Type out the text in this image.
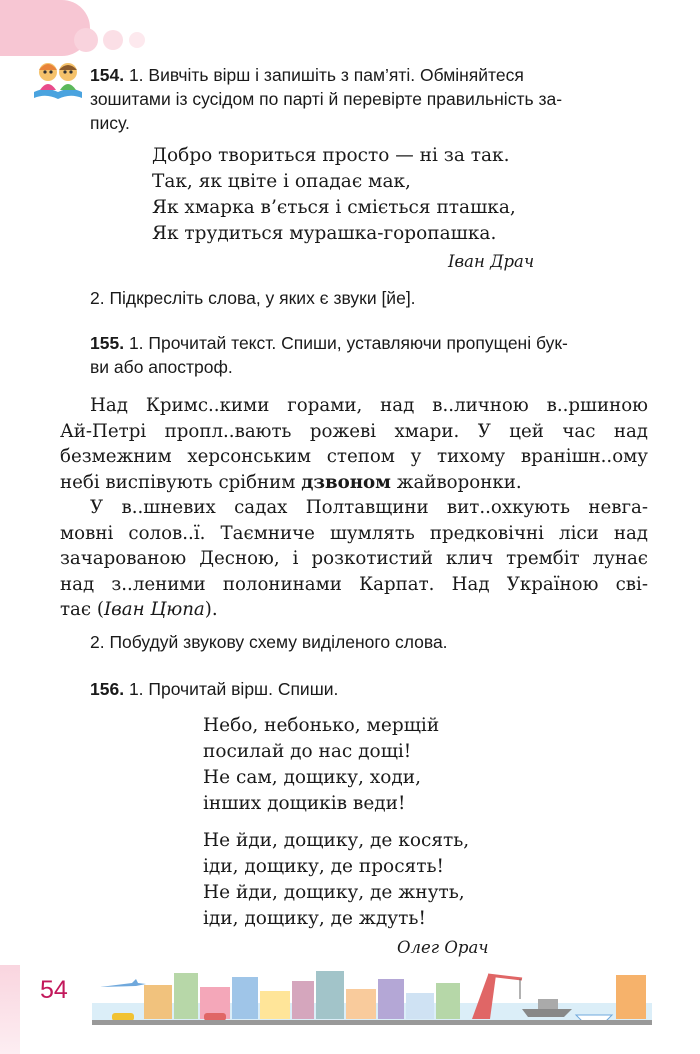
154. 1. Вивчіть вірш і запишіть з пам’яті. Обміняйтеся

зошитами із сусідом по парті й перевірте правильність за-

пису.

Добро твориться просто — ні за так.

Так, як цвіте і опадає мак,

Як хмарка в’ється і сміється пташка,

Як трудиться мурашка-горопашка.

Іван Драч
2. Підкресліть слова, у яких є звуки [йе].

155. 1. Прочитай текст. Спиши, уставляючи пропущені бук-

ви або апостроф.

Над Кримс..кими горами, над в..личною в..ршиною

Ай-Петрі пропл..вають рожеві хмари. У цей час над

безмежним херсонським степом у тихому вранішн..ому

небі виспівують срібним дзвоном жайворонки.

У в..шневих садах Полтавщини вит..охкують невга-

мовні солов..ї. Таємниче шумлять предковічні ліси над

зачарованою Десною, і розкотистий клич трембіт лунає

над з..леними полонинами Карпат. Над Україною сві-

тає (Іван Цюпа).

2. Побудуй звукову схему виділеного слова.
156. 1. Прочитай вірш. Спиши.

Небо, небонько, мерщій

посилай до нас дощі!

Не сам, дощику, ходи,

інших дощиків веди!

Не йди, дощику, де косять,

іди, дощику, де просять!

Не йди, дощику, де жнуть,

іди, дощику, де ждуть!

Олег Орач
54
